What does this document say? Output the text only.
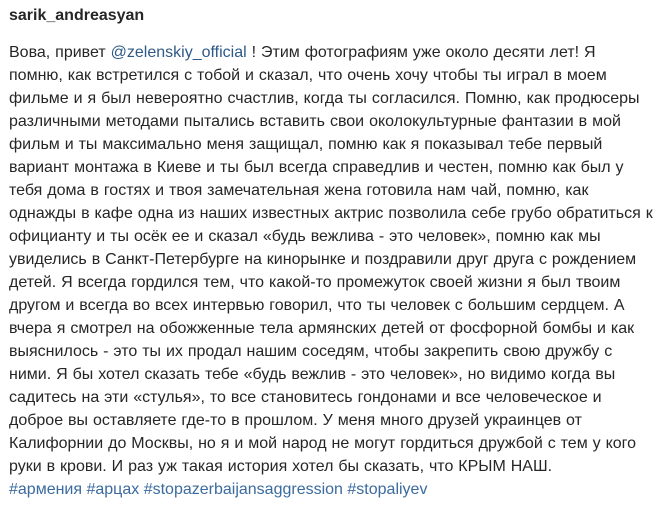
sarik_andreasyan

Вова, привет @zelenskiy_official ! Этим фотографиям уже около десяти лет! Я помню, как встретился с тобой и сказал, что очень хочу чтобы ты играл в моем фильме и я был невероятно счастлив, когда ты согласился. Помню, как продюсеры различными методами пытались вставить свои околокультурные фантазии в мой фильм и ты максимально меня защищал, помню как я показывал тебе первый вариант монтажа в Киеве и ты был всегда справедлив и честен, помню как был у тебя дома в гостях и твоя замечательная жена готовила нам чай, помню, как однажды в кафе одна из наших известных актрис позволила себе грубо обратиться к официанту и ты осёк ее и сказал «будь вежлива - это человек», помню как мы увиделись в Санкт-Петербурге на кинорынке и поздравили друг друга с рождением детей. Я всегда гордился тем, что какой-то промежуток своей жизни я был твоим другом и всегда во всех интервью говорил, что ты человек с большим сердцем. А вчера я смотрел на обожженные тела армянских детей от фосфорной бомбы и как выяснилось - это ты их продал нашим соседям, чтобы закрепить свою дружбу с ними. Я бы хотел сказать тебе «будь вежлив - это человек», но видимо когда вы садитесь на эти «стулья», то все становитесь гондонами и все человеческое и доброе вы оставляете где-то в прошлом. У меня много друзей украинцев от Калифорнии до Москвы, но я и мой народ не могут гордиться дружбой с тем у кого руки в крови. И раз уж такая история хотел бы сказать, что КРЫМ НАШ.

#армения #арцах #stopazerbaijansaggression #stopaliyev
